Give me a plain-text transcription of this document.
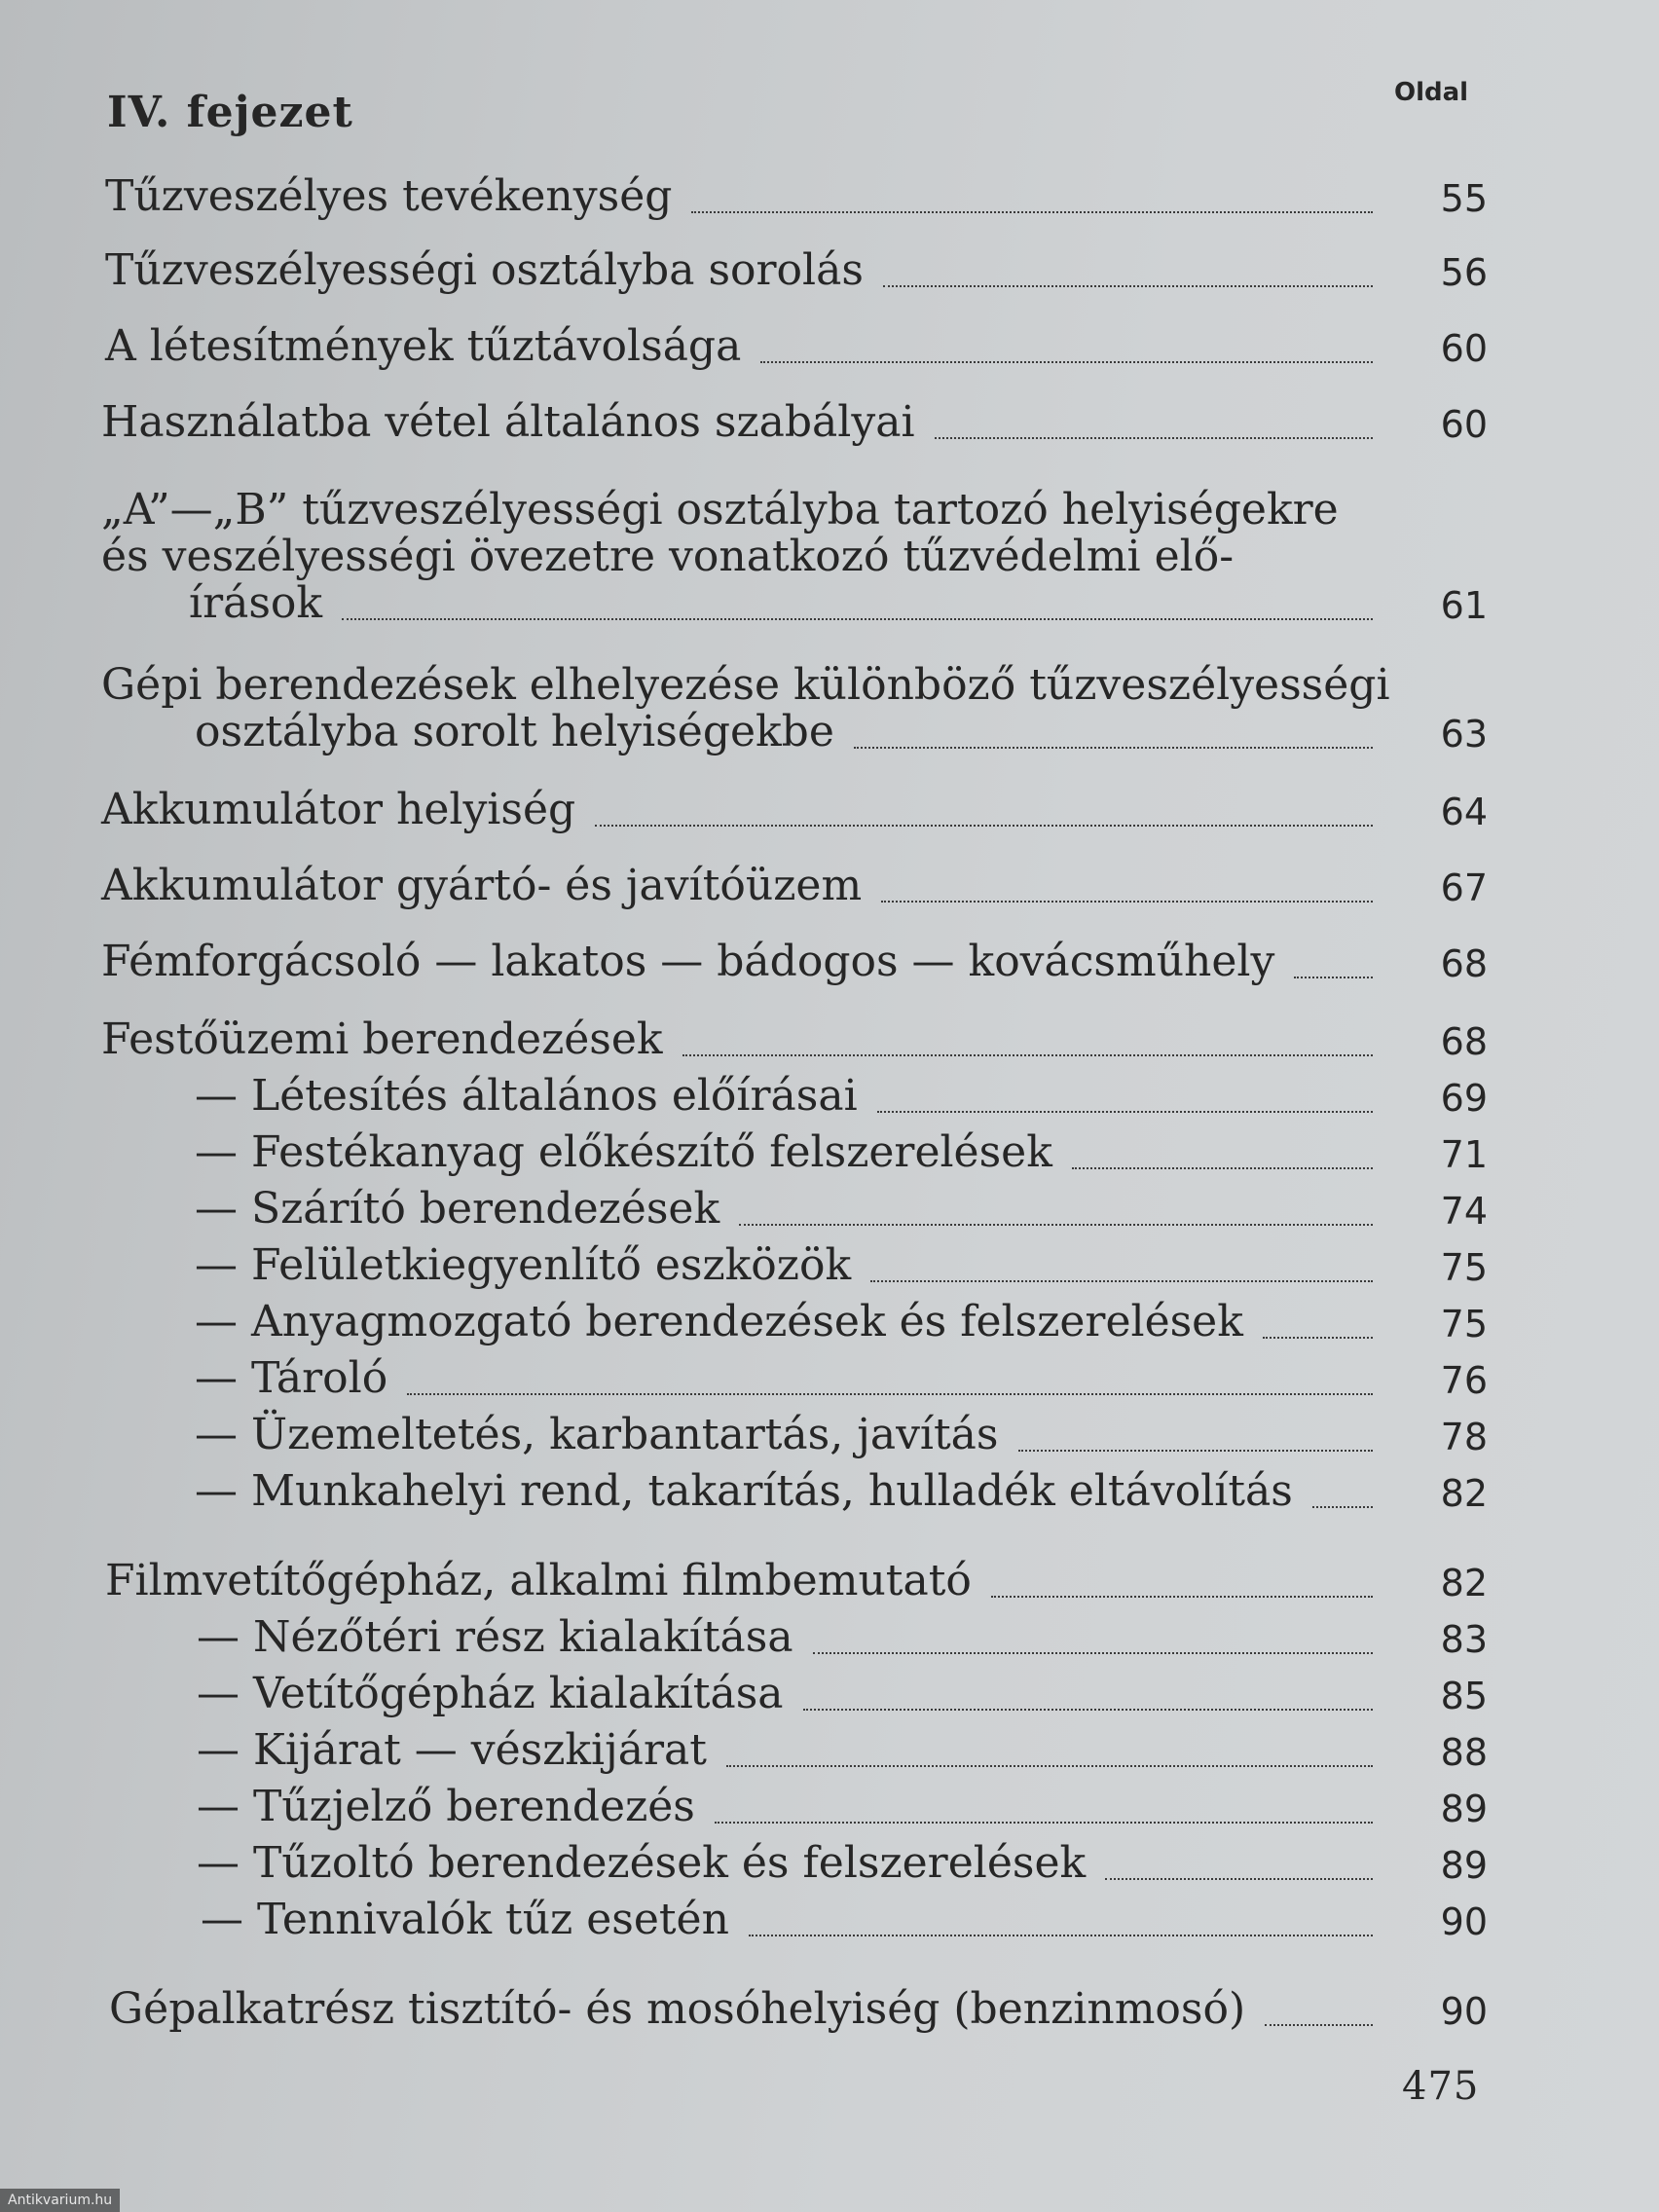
IV. fejezet	Oldal
Tűzveszélyes tevékenység	55
Tűzveszélyességi osztályba sorolás	56
A létesítmények tűztávolsága	60
Használatba vétel általános szabályai	60
„A”—„B” tűzveszélyességi osztályba tartozó helyiségekre
és veszélyességi övezetre vonatkozó tűzvédelmi elő-
írások	61
Gépi berendezések elhelyezése különböző tűzveszélyességi
osztályba sorolt helyiségekbe	63
Akkumulátor helyiség	64
Akkumulátor gyártó- és javítóüzem	67
Fémforgácsoló — lakatos — bádogos — kovácsműhely	68
Festőüzemi berendezések	68
— Létesítés általános előírásai	69
— Festékanyag előkészítő felszerelések	71
— Szárító berendezések	74
— Felületkiegyenlítő eszközök	75
— Anyagmozgató berendezések és felszerelések	75
— Tároló	76
— Üzemeltetés, karbantartás, javítás	78
— Munkahelyi rend, takarítás, hulladék eltávolítás	82
Filmvetítőgépház, alkalmi filmbemutató	82
— Nézőtéri rész kialakítása	83
— Vetítőgépház kialakítása	85
— Kijárat — vészkijárat	88
— Tűzjelző berendezés	89
— Tűzoltó berendezések és felszerelések	89
— Tennivalók tűz esetén	90
Gépalkatrész tisztító- és mosóhelyiség (benzinmosó)	90
475
Antikvarium.hu
